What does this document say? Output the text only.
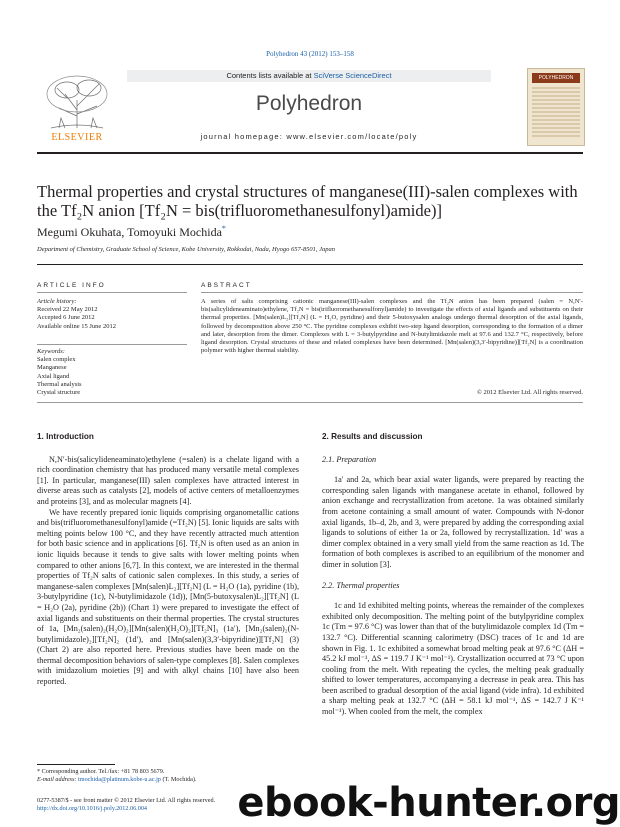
Polyhedron 43 (2012) 153–158
ELSEVIER
Contents lists available at SciVerse ScienceDirect
Polyhedron
journal homepage: www.elsevier.com/locate/poly
POLYHEDRON
Thermal properties and crystal structures of manganese(III)-salen complexes with the Tf₂N anion [Tf₂N = bis(trifluoromethanesulfonyl)amide)]
Megumi Okuhata, Tomoyuki Mochida*
Department of Chemistry, Graduate School of Science, Kobe University, Rokkodai, Nada, Hyogo 657-8501, Japan
ARTICLE INFO	ABSTRACT
Article history:
Received 22 May 2012
Accepted 6 June 2012
Available online 15 June 2012
Keywords:
Salen complex
Manganese
Axial ligand
Thermal analysis
Crystal structure
A series of salts comprising cationic manganese(III)-salen complexes and the Tf₂N anion has been prepared (salen = N,N′-bis(salicylideneaminato)ethylene, Tf₂N = bis(trifluoromethanesulfonyl)amide) to investigate the effects of axial ligands and substituents on their thermal properties. [Mn(salen)L₂][Tf₂N] (L = H₂O, pyridine) and their 5-butoxysalen analogs undergo thermal desorption of the axial ligands, followed by decomposition above 250 °C. The pyridine complexes exhibit two-step ligand desorption, corresponding to the formation of a dimer and later, desorption from the dimer. Complexes with L = 3-butylpyridine and N-butylimidazole melt at 97.6 and 132.7 °C, respectively, before ligand desorption. Crystal structures of these and related complexes have been determined. [Mn(salen)(3,3′-bipyridine)][Tf₂N] is a coordination polymer with higher thermal stability.
© 2012 Elsevier Ltd. All rights reserved.
1. Introduction

N,N′-bis(salicylideneaminato)ethylene (=salen) is a chelate ligand with a rich coordination chemistry that has produced many versatile metal complexes [1]. In particular, manganese(III) salen complexes have attracted interest in diverse areas such as catalysts [2], models of active centers of metalloenzymes and proteins [3], and as molecular magnets [4].

We have recently prepared ionic liquids comprising organometallic cations and bis(trifluoromethanesulfonyl)amide (=Tf₂N) [5]. Ionic liquids are salts with melting points below 100 °C, and they have recently attracted much attention for both basic science and in applications [6]. Tf₂N is often used as an anion in ionic liquids because it tends to give salts with lower melting points when compared to other anions [6,7]. In this context, we are interested in the thermal properties of Tf₂N salts of cationic salen complexes. In this study, a series of manganese-salen complexes [Mn(salen)L₂][Tf₂N] (L = H₂O (1a), pyridine (1b), 3-butylpyridine (1c), N-butylimidazole (1d)), [Mn(5-butoxysalen)L₂][Tf₂N] (L = H₂O (2a), pyridine (2b)) (Chart 1) were prepared to investigate the effect of axial ligands and substituents on their thermal properties. The crystal structures of 1a, [Mn₂(salen)₂(H₂O)₂][Mn(salen)(H₂O)₂][Tf₂N]₃ (1a′), [Mn₂(salen)₂(N-butylimidazole)₂][Tf₂N]₂ (1d′), and [Mn(salen)(3,3′-bipyridine)][Tf₂N] (3) (Chart 2) are also reported here. Previous studies have been made on the thermal decomposition behaviors of salen-type complexes [8]. Salen complexes with imidazolium moieties [9] and with alkyl chains [10] have also been reported.

2. Results and discussion
2.1. Preparation

1a′ and 2a, which bear axial water ligands, were prepared by reacting the corresponding salen ligands with manganese acetate in ethanol, followed by anion exchange and recrystallization from acetone. 1a was obtained similarly from acetone containing a small amount of water. Compounds with N-donor axial ligands, 1b–d, 2b, and 3, were prepared by adding the corresponding axial ligands to solutions of either 1a or 2a, followed by recrystallization. 1d′ was a dimer complex obtained in a very small yield from the same reaction as 1d. The formation of both complexes is ascribed to an equilibrium of the monomer and dimer in solution [3].

2.2. Thermal properties

1c and 1d exhibited melting points, whereas the remainder of the complexes exhibited only decomposition. The melting point of the butylpyridine complex 1c (Tm = 97.6 °C) was lower than that of the butylimidazole complex 1d (Tm = 132.7 °C). Differential scanning calorimetry (DSC) traces of 1c and 1d are shown in Fig. 1. 1c exhibited a somewhat broad melting peak at 97.6 °C (ΔH = 45.2 kJ mol⁻¹, ΔS = 119.7 J K⁻¹ mol⁻¹). Crystallization occurred at 73 °C upon cooling from the melt. With repeating the cycles, the melting peak gradually shifted to lower temperatures, accompanying a decrease in peak area. This has been ascribed to gradual desorption of the axial ligand (vide infra). 1d exhibited a sharp melting peak at 132.7 °C (ΔH = 58.1 kJ mol⁻¹, ΔS = 142.7 J K⁻¹ mol⁻¹). When cooled from the melt, the complex

* Corresponding author. Tel./fax: +81 78 803 5679.
E-mail address: tmochida@platinum.kobe-u.ac.jp (T. Mochida).
0277-5387/$ - see front matter © 2012 Elsevier Ltd. All rights reserved.
http://dx.doi.org/10.1016/j.poly.2012.06.004	ebook-hunter.org
